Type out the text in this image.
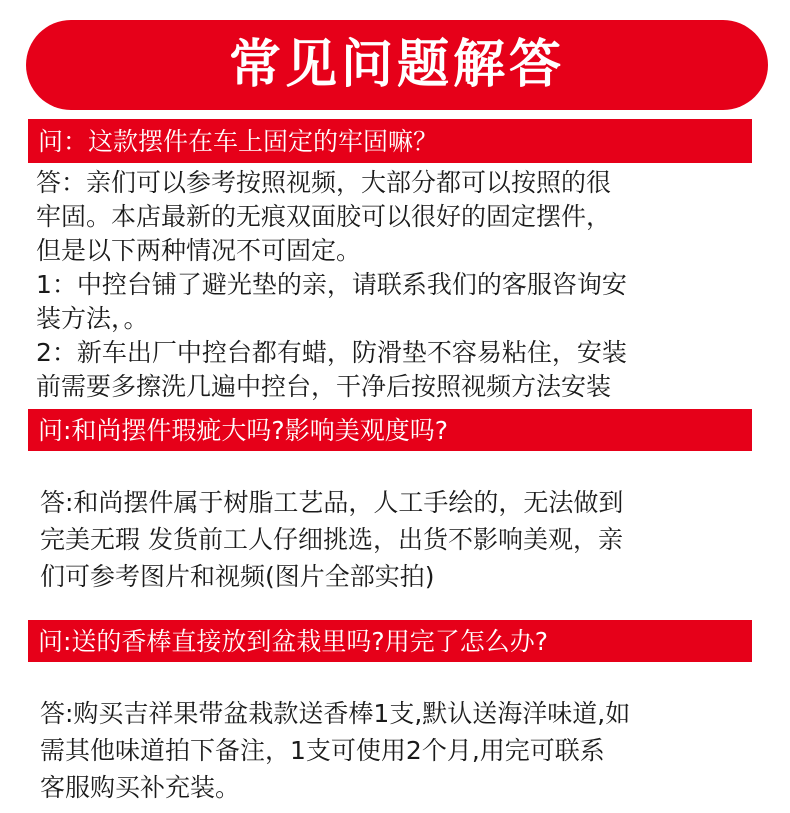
常见问题解答
问：这款摆件在车上固定的牢固嘛？
答：亲们可以参考按照视频，大部分都可以按照的很
牢固。本店最新的无痕双面胶可以很好的固定摆件，
但是以下两种情况不可固定。
1：中控台铺了避光垫的亲，请联系我们的客服咨询安
装方法，。
2：新车出厂中控台都有蜡，防滑垫不容易粘住，安装
前需要多擦洗几遍中控台，干净后按照视频方法安装
问:和尚摆件瑕疵大吗?影响美观度吗?
答:和尚摆件属于树脂工艺品，人工手绘的，无法做到
完美无瑕 发货前工人仔细挑选，出货不影响美观，亲
们可参考图片和视频(图片全部实拍)
问:送的香棒直接放到盆栽里吗?用完了怎么办?
答:购买吉祥果带盆栽款送香棒1支,默认送海洋味道,如
需其他味道拍下备注，1支可使用2个月,用完可联系
客服购买补充装。
